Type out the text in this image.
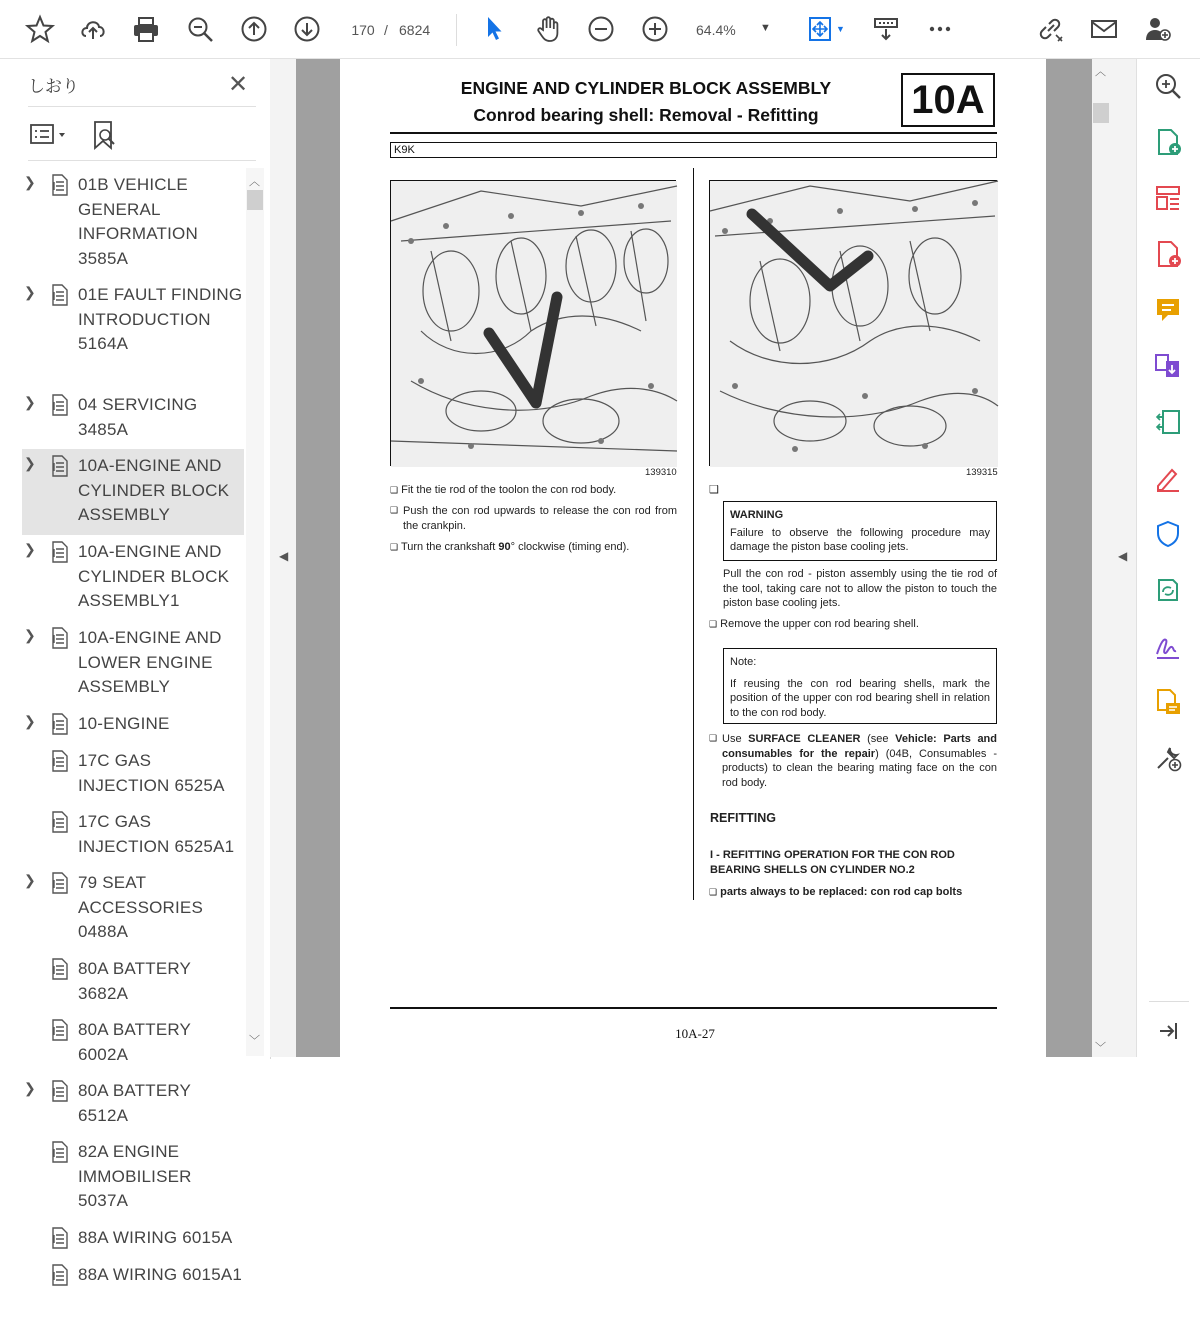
170 / 6824	64.4% ▼	▼
しおり	✕
❯ 01B VEHICLE GENERAL INFORMATION 3585A
❯ 01E FAULT FINDING INTRODUCTION 5164A
❯ 04 SERVICING 3485A
❯ 10A-ENGINE AND CYLINDER BLOCK ASSEMBLY
❯ 10A-ENGINE AND CYLINDER BLOCK ASSEMBLY1
❯ 10A-ENGINE AND LOWER ENGINE ASSEMBLY
❯ 10-ENGINE
17C GAS INJECTION 6525A
17C GAS INJECTION 6525A1
❯ 79 SEAT ACCESSORIES 0488A
80A BATTERY 3682A
80A BATTERY 6002A
❯ 80A BATTERY 6512A
82A ENGINE IMMOBILISER 5037A
88A WIRING 6015A
88A WIRING 6015A1
︿
﹀
◀
︿
﹀
◀
ENGINE AND CYLINDER BLOCK ASSEMBLY
Conrod bearing shell: Removal - Refitting	10A
K9K
139310	139315
❑ Fit the tie rod of the toolon the con rod body.
❑ Push the con rod upwards to release the con rod from the crankpin.
❑ Turn the crankshaft 90° clockwise (timing end).
❑
WARNING
Failure to observe the following procedure may damage the piston base cooling jets.
Pull the con rod - piston assembly using the tie rod of the tool, taking care not to allow the piston to touch the piston base cooling jets.
❑ Remove the upper con rod bearing shell.
Note:
If reusing the con rod bearing shells, mark the position of the upper con rod bearing shell in relation to the con rod body.
❑ Use SURFACE CLEANER (see Vehicle: Parts and consumables for the repair) (04B, Consumables - products) to clean the bearing mating face on the con rod body.
REFITTING
I - REFITTING OPERATION FOR THE CON ROD BEARING SHELLS ON CYLINDER NO.2
❑ parts always to be replaced: con rod cap bolts
10A-27
